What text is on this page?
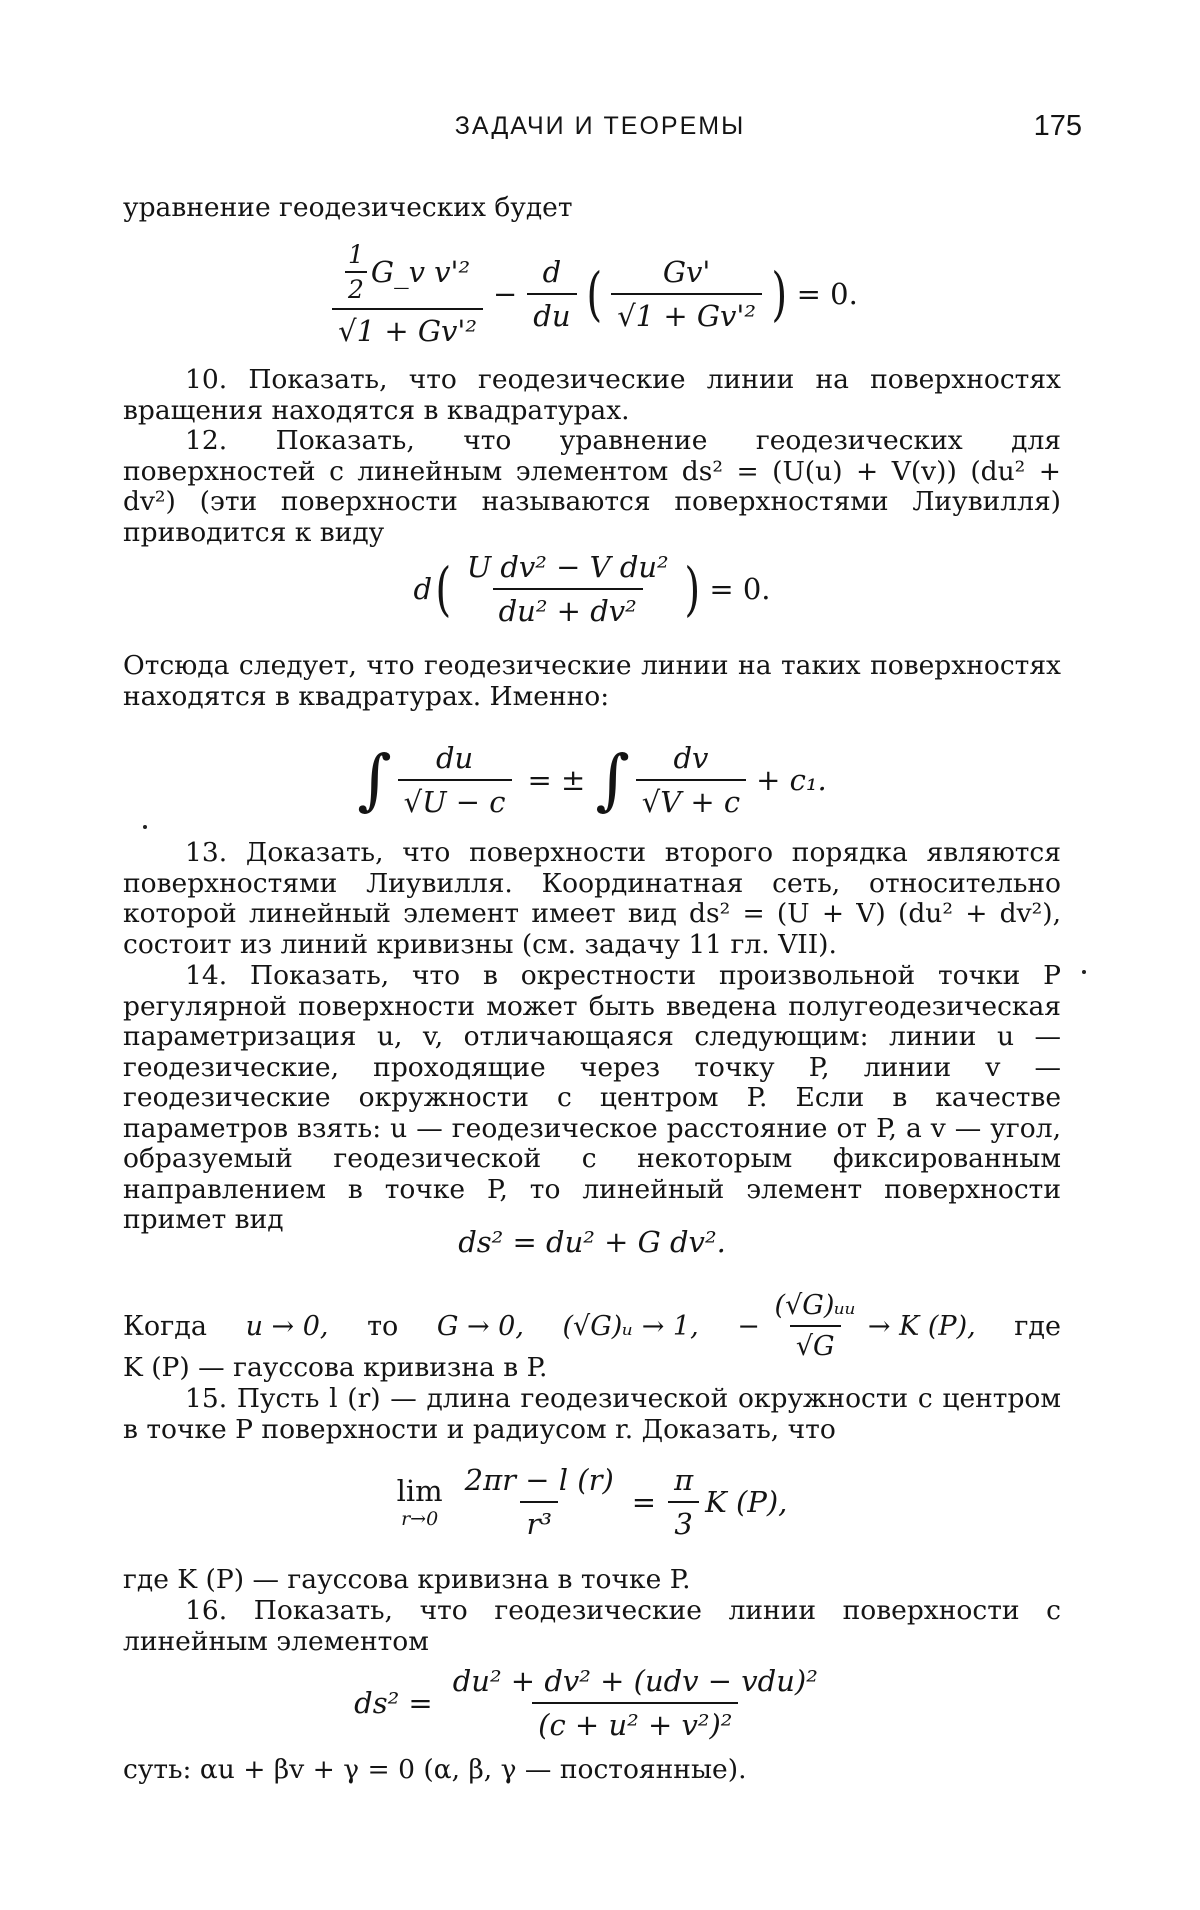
ЗАДАЧИ И ТЕОРЕМЫ	175
уравнение геодезических будет
$\frac{\frac{1}{2} G\_v v'^2}{\text{√1 + Gv'²}} - \frac{d}{du}$ ( $\frac{Gv'}{\text{√1 + Gv'²}}$ ) = 0.
10. Показать, что геодезические линии на поверхностях вращения находятся в квадратурах.
12. Показать, что уравнение геодезических для поверхностей с линейным элементом ds² = (U(u) + V(v)) (du² + dv²) (эти поверхности называются поверхностями Лиувилля) приводится к виду
d ( $\frac{\text{U dv² − V du²}}{\text{du² + dv²}}$ ) = 0.
Отсюда следует, что геодезические линии на таких поверхностях находятся в квадратурах. Именно:
∫ $\frac{du}{√U - c}$ = ± ∫ $\frac{dv}{√V + c} + c_1$.
13. Доказать, что поверхности второго порядка являются поверхностями Лиувилля. Координатная сеть, относительно которой линейный элемент имеет вид ds² = (U + V) (du² + dv²), состоит из линий кривизны (см. задачу 11 гл. VII).
14. Показать, что в окрестности произвольной точки P регулярной поверхности может быть введена полугеодезическая параметризация u, v, отличающаяся следующим: линии u — геодезические, проходящие через точку P, линии v — геодезические окружности с центром P. Если в качестве параметров взять: u — геодезическое расстояние от P, а v — угол, образуемый геодезической с некоторым фиксированным направлением в точке P, то линейный элемент поверхности примет вид
ds² = du² + G dv².
Когда u → 0, то G → 0, (√G)ᵤ → 1, −  $\frac{\text{(√G)ᵤᵤ}}{√G} \to K$ (P), где
K (P) — гауссова кривизна в P.
15. Пусть l (r) — длина геодезической окружности с центром в точке P поверхности и радиусом r. Доказать, что
lim
$r\to 0 \frac{2\pi r - l (r)}{\text{r³}} = \frac{\pi}{3}$ K (P),
где K (P) — гауссова кривизна в точке P.
16. Показать, что геодезические линии поверхности с линейным элементом
$ds^2 = \frac{\text{du² + dv² + (udv − vdu)²}}{\text{(c + u² + v²)²}}$
суть: αu + βv + γ = 0 (α, β, γ — постоянные).
